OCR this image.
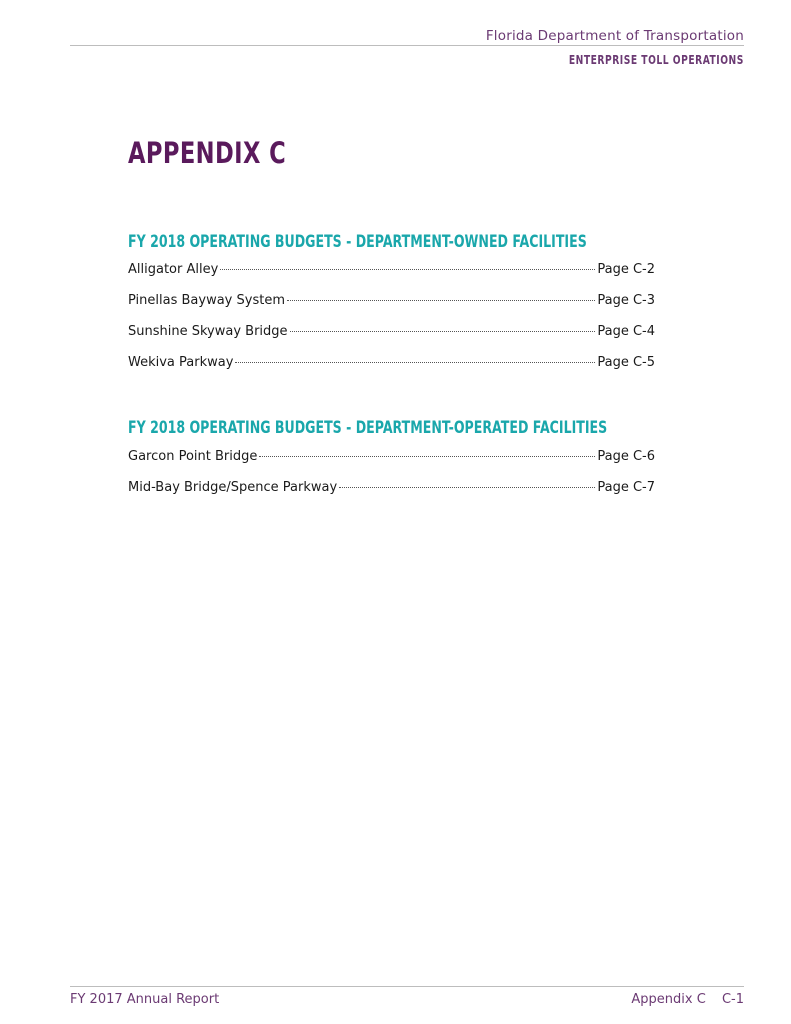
Florida Department of Transportation
ENTERPRISE TOLL OPERATIONS
APPENDIX C
FY 2018 OPERATING BUDGETS - DEPARTMENT-OWNED FACILITIES
Alligator Alley	Page C-2
Pinellas Bayway System	Page C-3
Sunshine Skyway Bridge	Page C-4
Wekiva Parkway	Page C-5
FY 2018 OPERATING BUDGETS - DEPARTMENT-OPERATED FACILITIES
Garcon Point Bridge	Page C-6
Mid-Bay Bridge/Spence Parkway	Page C-7
FY 2017 Annual Report	Appendix C C-1
